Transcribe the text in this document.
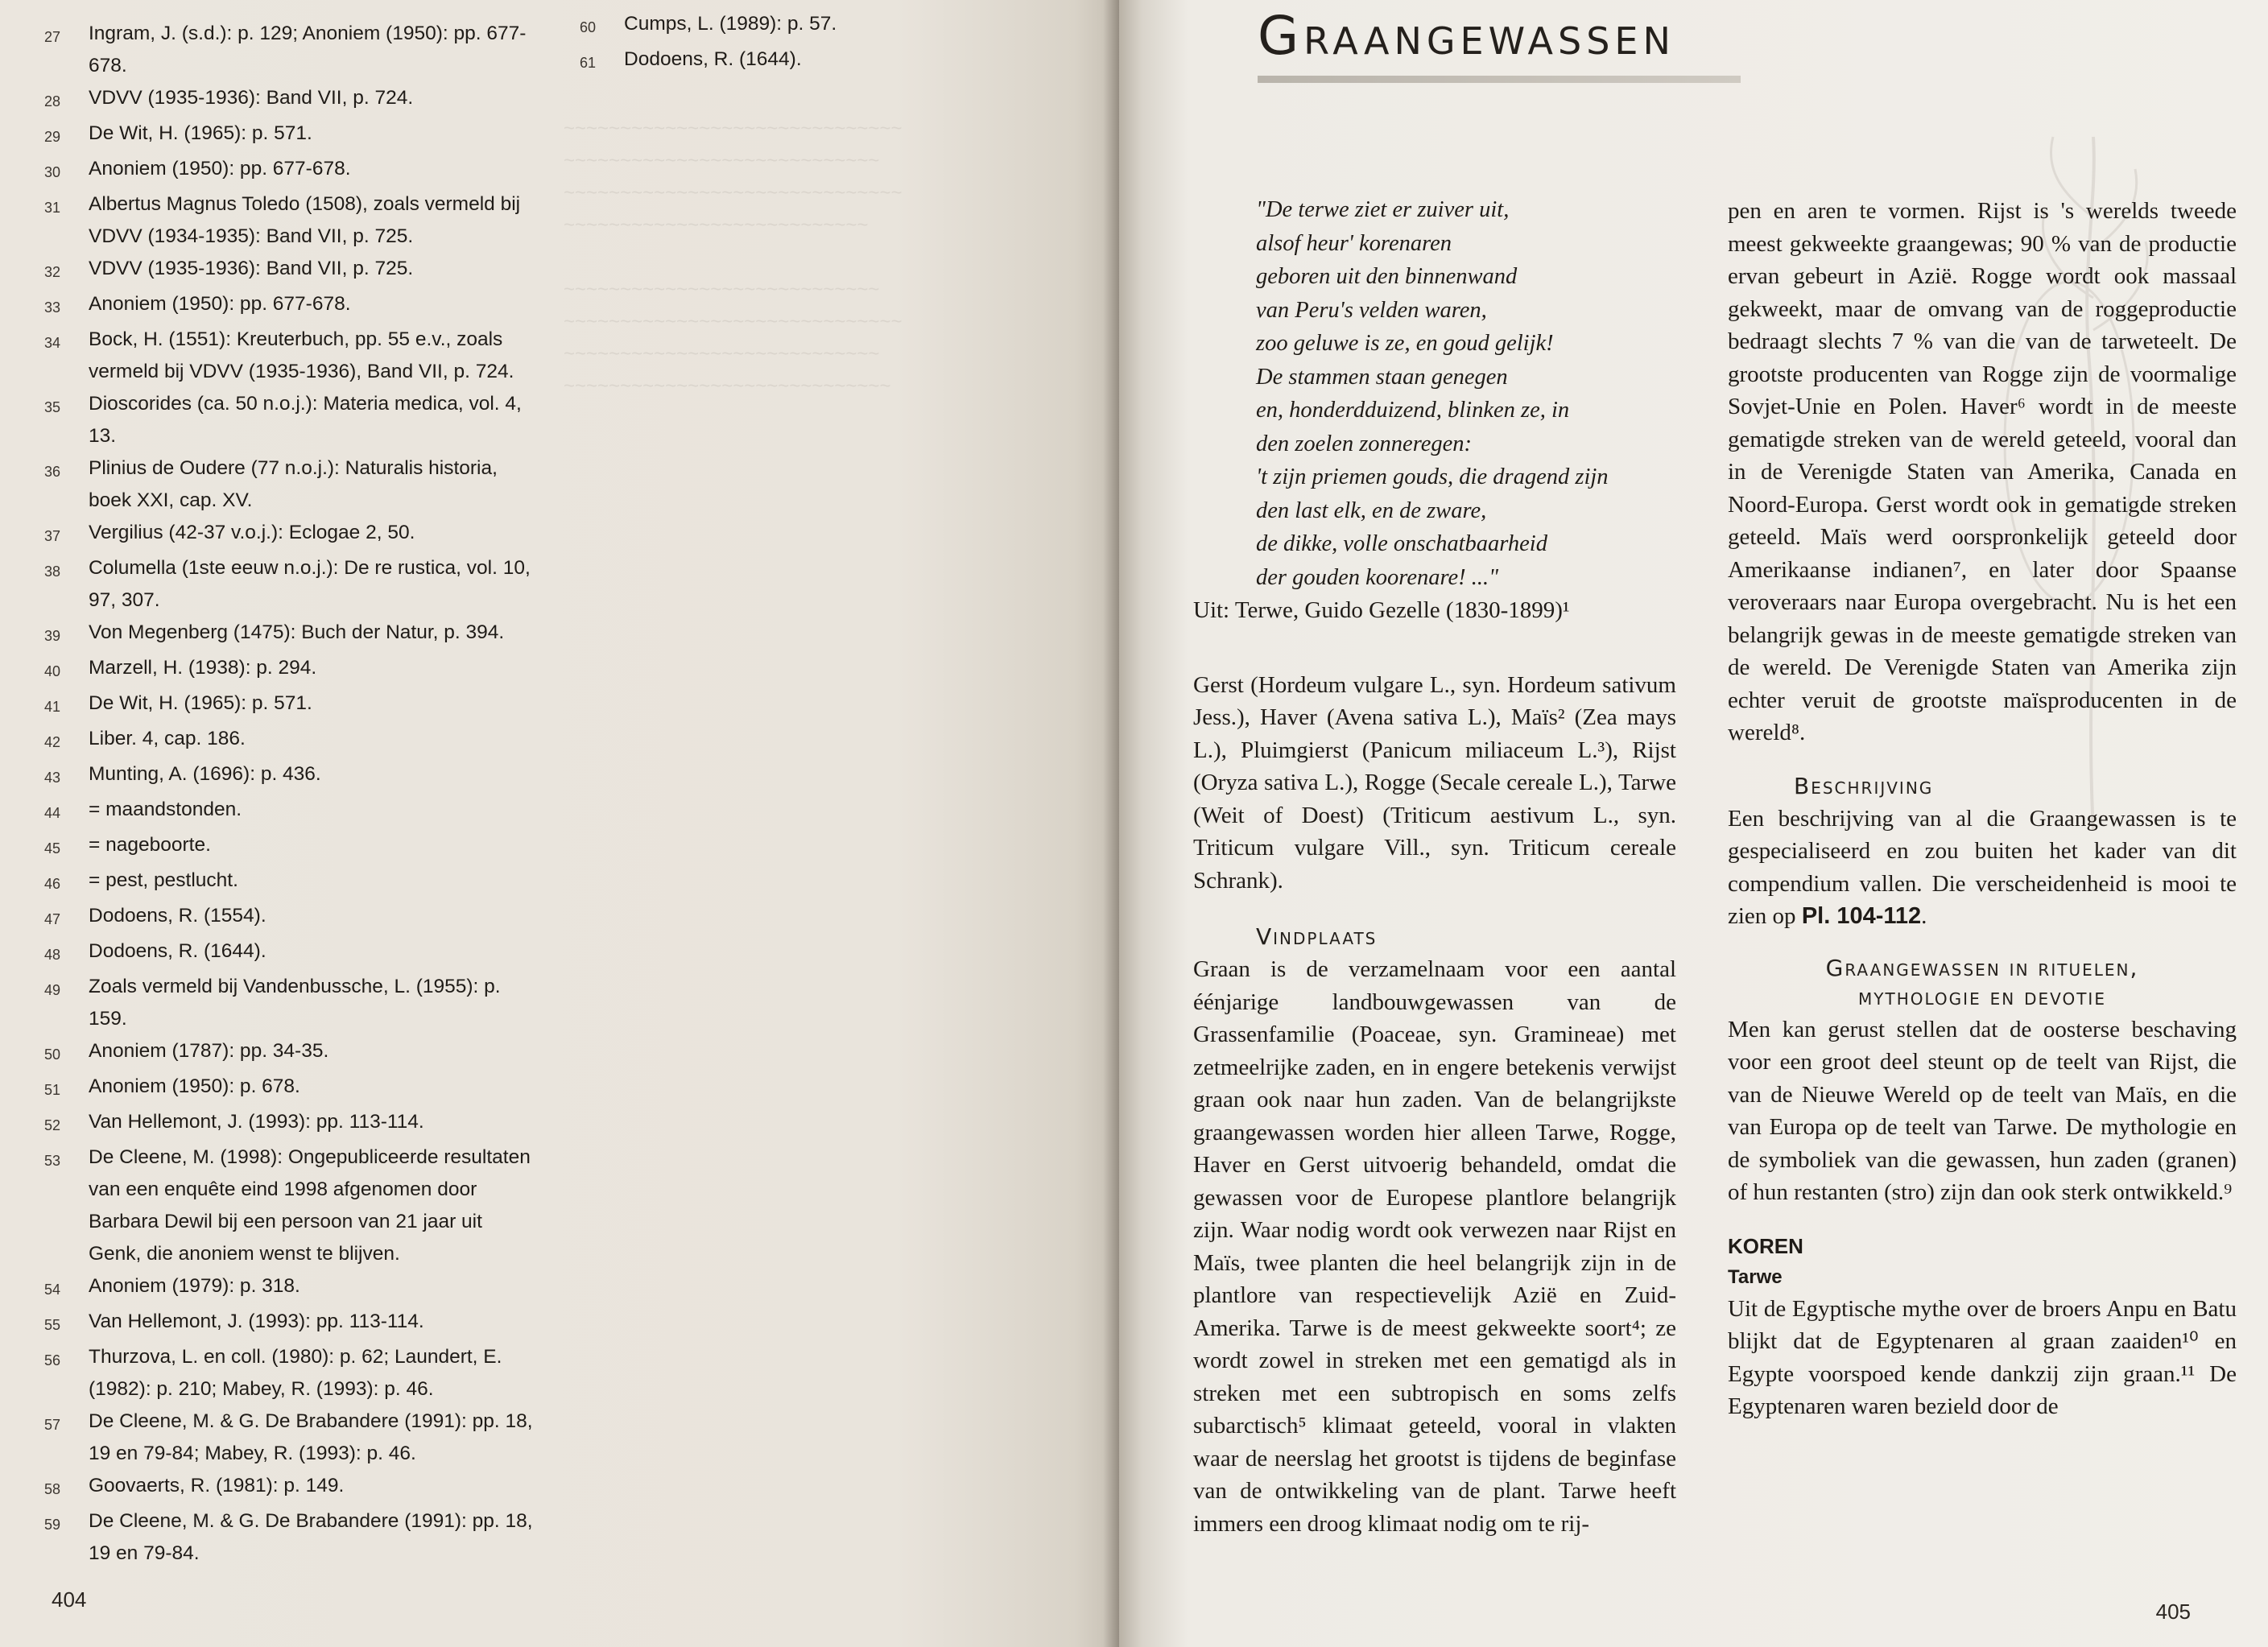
~~~~~~~~~~~~~~~~~~~~~~~~~~~~~~
~~~~~~~~~~~~~~~~~~~~~~~~~~~~
~~~~~~~~~~~~~~~~~~~~~~~~~~~~~~
~~~~~~~~~~~~~~~~~~~~~~~~~~~

~~~~~~~~~~~~~~~~~~~~~~~~~~~~
~~~~~~~~~~~~~~~~~~~~~~~~~~~~~~
~~~~~~~~~~~~~~~~~~~~~~~~~~~~
~~~~~~~~~~~~~~~~~~~~~~~~~~~~~
27	Ingram, J. (s.d.): p. 129; Anoniem (1950): pp. 677-678.
28	VDVV (1935-1936): Band VII, p. 724.
29	De Wit, H. (1965): p. 571.
30	Anoniem (1950): pp. 677-678.
31	Albertus Magnus Toledo (1508), zoals vermeld bij VDVV (1934-1935): Band VII, p. 725.
32	VDVV (1935-1936): Band VII, p. 725.
33	Anoniem (1950): pp. 677-678.
34	Bock, H. (1551): Kreuterbuch, pp. 55 e.v., zoals vermeld bij VDVV (1935-1936), Band VII, p. 724.
35	Dioscorides (ca. 50 n.o.j.): Materia medica, vol. 4, 13.
36	Plinius de Oudere (77 n.o.j.): Naturalis historia, boek XXI, cap. XV.
37	Vergilius (42-37 v.o.j.): Eclogae 2, 50.
38	Columella (1ste eeuw n.o.j.): De re rustica, vol. 10, 97, 307.
39	Von Megenberg (1475): Buch der Natur, p. 394.
40	Marzell, H. (1938): p. 294.
41	De Wit, H. (1965): p. 571.
42	Liber. 4, cap. 186.
43	Munting, A. (1696): p. 436.
44	= maandstonden.
45	= nageboorte.
46	= pest, pestlucht.
47	Dodoens, R. (1554).
48	Dodoens, R. (1644).
49	Zoals vermeld bij Vandenbussche, L. (1955): p. 159.
50	Anoniem (1787): pp. 34-35.
51	Anoniem (1950): p. 678.
52	Van Hellemont, J. (1993): pp. 113-114.
53	De Cleene, M. (1998): Ongepubliceerde resultaten van een enquête eind 1998 afgenomen door Barbara Dewil bij een persoon van 21 jaar uit Genk, die anoniem wenst te blijven.
54	Anoniem (1979): p. 318.
55	Van Hellemont, J. (1993): pp. 113-114.
56	Thurzova, L. en coll. (1980): p. 62; Laundert, E. (1982): p. 210; Mabey, R. (1993): p. 46.
57	De Cleene, M. & G. De Brabandere (1991): pp. 18, 19 en 79-84; Mabey, R. (1993): p. 46.
58	Goovaerts, R. (1981): p. 149.
59	De Cleene, M. & G. De Brabandere (1991): pp. 18, 19 en 79-84.
60	Cumps, L. (1989): p. 57.
61	Dodoens, R. (1644).
404
Graangewassen
"De terwe ziet er zuiver uit,
alsof heur' korenaren
geboren uit den binnenwand
van Peru's velden waren,
zoo geluwe is ze, en goud gelijk!
De stammen staan genegen
en, honderdduizend, blinken ze, in
den zoelen zonneregen:
't zijn priemen gouds, die dragend zijn
den last elk, en de zware,
de dikke, volle onschatbaarheid
der gouden koorenare! ..."
Uit: Terwe, Guido Gezelle (1830-1899)¹

Gerst (Hordeum vulgare L., syn. Hordeum sativum Jess.), Haver (Avena sativa L.), Maïs² (Zea mays L.), Pluimgierst (Panicum miliaceum L.³), Rijst (Oryza sativa L.), Rogge (Secale cereale L.), Tarwe (Weit of Doest) (Triticum aestivum L., syn. Triticum vulgare Vill., syn. Triticum cereale Schrank).

Vindplaats

Graan is de verzamelnaam voor een aantal éénjarige landbouwgewassen van de Grassenfamilie (Poaceae, syn. Gramineae) met zetmeelrijke zaden, en in engere betekenis verwijst graan ook naar hun zaden. Van de belangrijkste graangewassen worden hier alleen Tarwe, Rogge, Haver en Gerst uitvoerig behandeld, omdat die gewassen voor de Europese plantlore belangrijk zijn. Waar nodig wordt ook verwezen naar Rijst en Maïs, twee planten die heel belangrijk zijn in de plantlore van respectievelijk Azië en Zuid-Amerika. Tarwe is de meest gekweekte soort⁴; ze wordt zowel in streken met een gematigd als in streken met een subtropisch en soms zelfs subarctisch⁵ klimaat geteeld, vooral in vlakten waar de neerslag het grootst is tijdens de beginfase van de ontwikkeling van de plant. Tarwe heeft immers een droog klimaat nodig om te rij-

pen en aren te vormen. Rijst is 's werelds tweede meest gekweekte graangewas; 90 % van de productie ervan gebeurt in Azië. Rogge wordt ook massaal gekweekt, maar de omvang van de roggeproductie bedraagt slechts 7 % van die van de tarweteelt. De grootste producenten van Rogge zijn de voormalige Sovjet-Unie en Polen. Haver⁶ wordt in de meeste gematigde streken van de wereld geteeld, vooral dan in de Verenigde Staten van Amerika, Canada en Noord-Europa. Gerst wordt ook in gematigde streken geteeld. Maïs werd oorspronkelijk geteeld door Amerikaanse indianen⁷, en later door Spaanse veroveraars naar Europa overgebracht. Nu is het een belangrijk gewas in de meeste gematigde streken van de wereld. De Verenigde Staten van Amerika zijn echter veruit de grootste maïsproducenten in de wereld⁸.

Beschrijving

Een beschrijving van al die Graangewassen is te gespecialiseerd en zou buiten het kader van dit compendium vallen. Die verscheidenheid is mooi te zien op Pl. 104-112.

Graangewassen in rituelen,
mythologie en devotie

Men kan gerust stellen dat de oosterse beschaving voor een groot deel steunt op de teelt van Rijst, die van de Nieuwe Wereld op de teelt van Maïs, en die van Europa op de teelt van Tarwe. De mythologie en de symboliek van die gewassen, hun zaden (granen) of hun restanten (stro) zijn dan ook sterk ontwikkeld.⁹

KOREN
Tarwe

Uit de Egyptische mythe over de broers Anpu en Batu blijkt dat de Egyptenaren al graan zaaiden¹⁰ en Egypte voorspoed kende dankzij zijn graan.¹¹ De Egyptenaren waren bezield door de

405
